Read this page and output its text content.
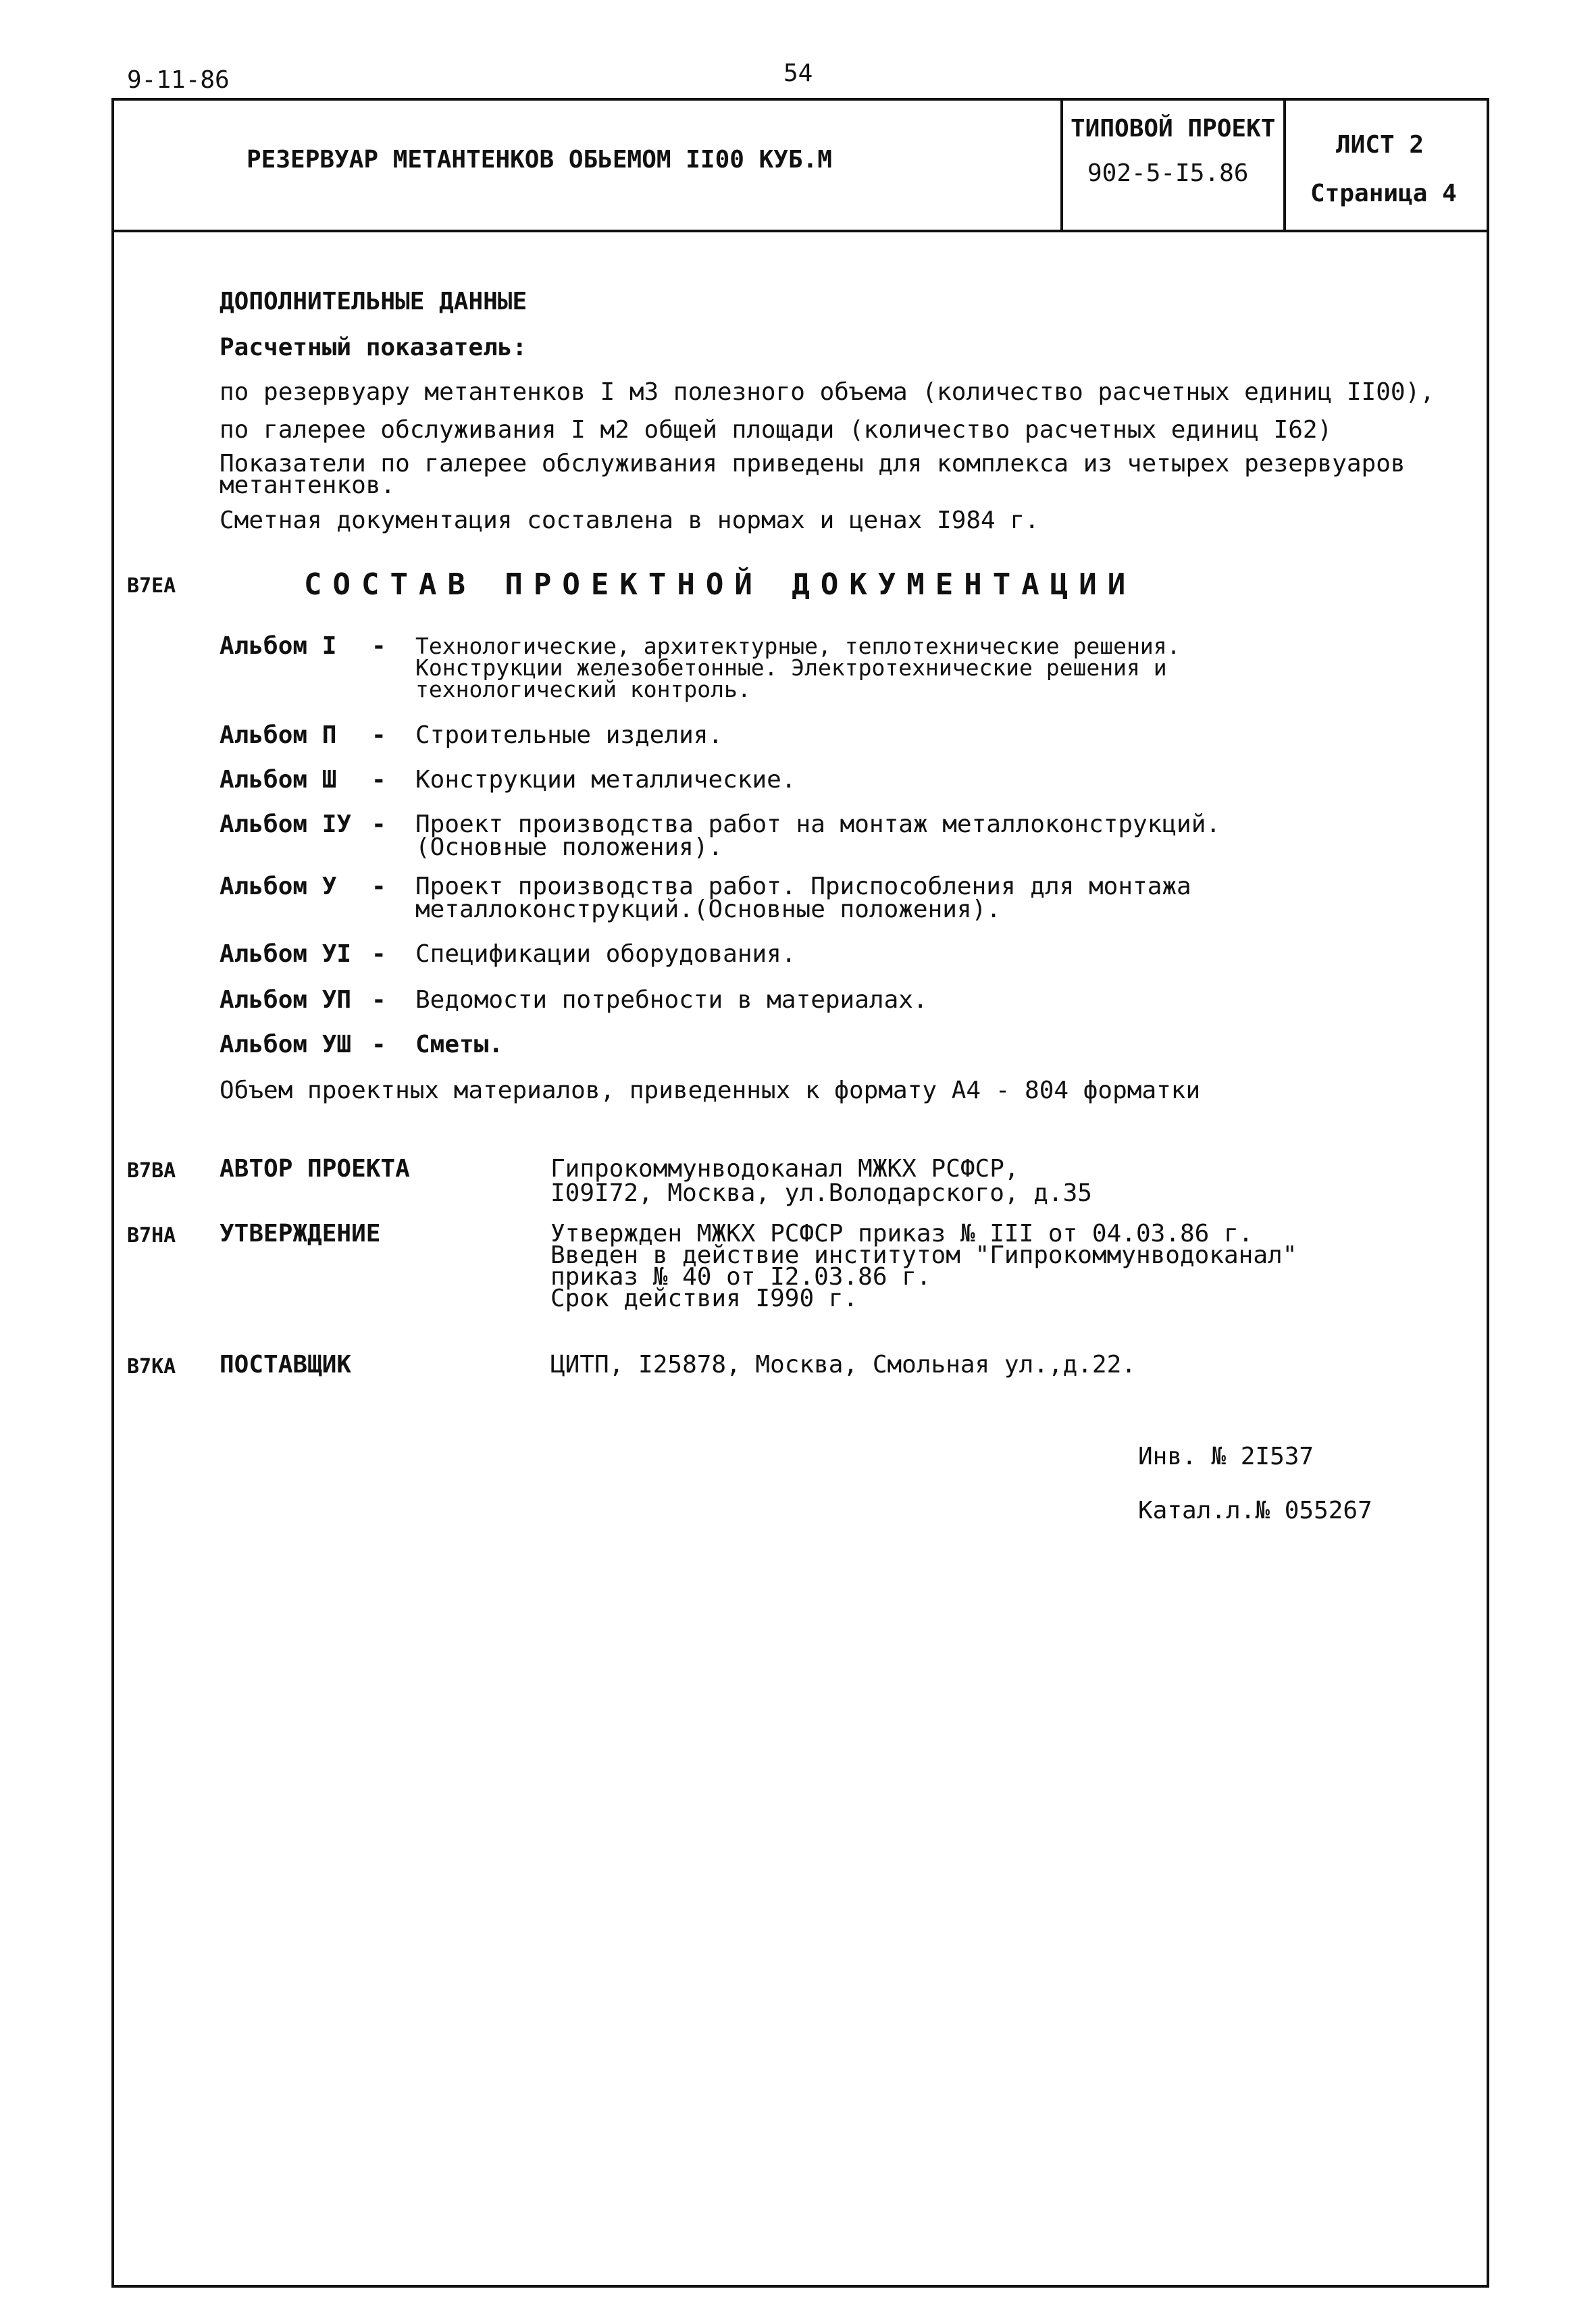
9-11-86	54
РЕЗЕРВУАР МЕТАНТЕНКОВ ОБЬЕМОМ II00 КУБ.М
ТИПОВОЙ ПРОЕКТ
902-5-I5.86
ЛИСТ 2
Страница 4
ДОПОЛНИТЕЛЬНЫЕ ДАННЫЕ
Расчетный показатель:
по резервуару метантенков I м3 полезного объема (количество расчетных единиц II00),
по галерее обслуживания I м2 общей площади (количество расчетных единиц I62)
Показатели по галерее обслуживания приведены для комплекса из четырех резервуаров
метантенков.
Сметная документация составлена в нормах и ценах I984 г.
В7ЕА	СОСТАВ ПРОЕКТНОЙ ДОКУМЕНТАЦИИ
Альбом I - Технологические, архитектурные, теплотехнические решения.
Конструкции железобетонные. Электротехнические решения и
технологический контроль.
Альбом П - Строительные изделия.
Альбом Ш - Конструкции металлические.
Альбом IУ - Проект производства работ на монтаж металлоконструкций.
(Основные положения).
Альбом У - Проект производства работ. Приспособления для монтажа
металлоконструкций.(Основные положения).
Альбом УI - Спецификации оборудования.
Альбом УП - Ведомости потребности в материалах.
Альбом УШ - Сметы.
Объем проектных материалов, приведенных к формату А4 - 804 форматки
В7ВА АВТОР ПРОЕКТА	Гипрокоммунводоканал МЖКХ РСФСР,
I09I72, Москва, ул.Володарского, д.35
В7НА УТВЕРЖДЕНИЕ	Утвержден МЖКХ РСФСР приказ № III от 04.03.86 г.
Введен в действие институтом "Гипрокоммунводоканал"
приказ № 40 от I2.03.86 г.
Срок действия I990 г.
В7КА ПОСТАВЩИК	ЦИТП, I25878, Москва, Смольная ул.,д.22.
Инв. № 2I537
Катал.л.№ 055267
